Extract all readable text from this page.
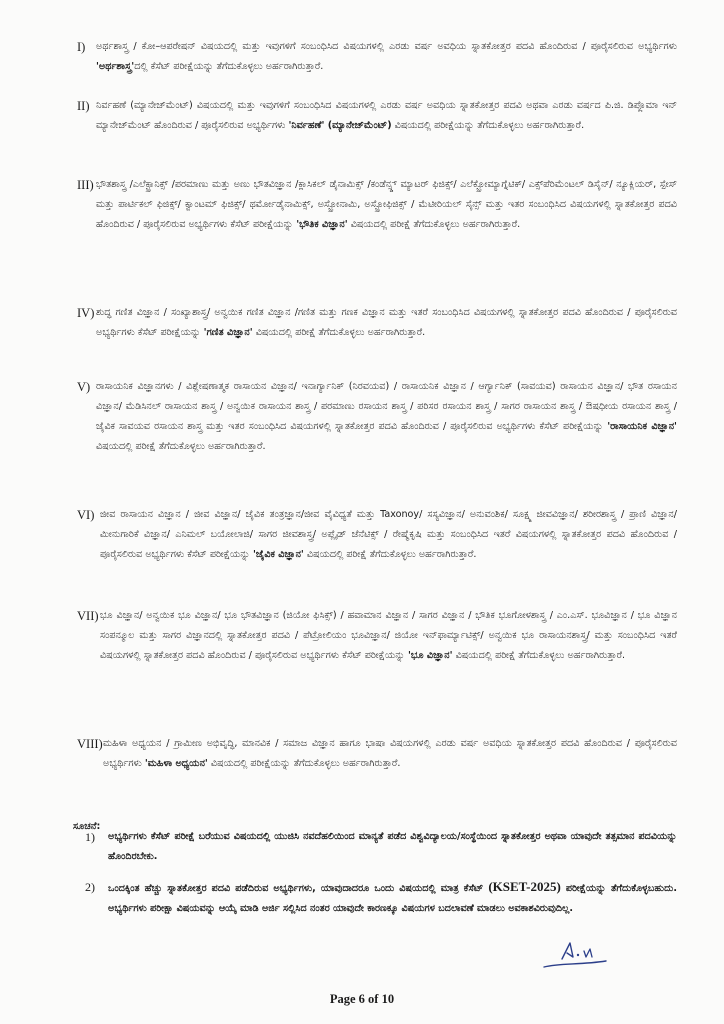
I) ಅರ್ಥಶಾಸ್ತ್ರ / ಕೋ–ಆಪರೇಷನ್ ವಿಷಯದಲ್ಲಿ ಮತ್ತು ಇವುಗಳಿಗೆ ಸಂಬಂಧಿಸಿದ ವಿಷಯಗಳಲ್ಲಿ ಎರಡು ವರ್ಷ ಅವಧಿಯ ಸ್ನಾತಕೋತ್ತರ ಪದವಿ ಹೊಂದಿರುವ / ಪೂರೈಸಲಿರುವ ಅಭ್ಯರ್ಥಿಗಳು 'ಅರ್ಥಶಾಸ್ತ್ರ'ದಲ್ಲಿ ಕೆಸೆಟ್ ಪರೀಕ್ಷೆಯನ್ನು ತೆಗೆದುಕೊಳ್ಳಲು ಅರ್ಹರಾಗಿರುತ್ತಾರೆ.
II) ನಿರ್ವಹಣೆ (ಮ್ಯಾನೇಜ್‌ಮೆಂಟ್) ವಿಷಯದಲ್ಲಿ ಮತ್ತು ಇವುಗಳಿಗೆ ಸಂಬಂಧಿಸಿದ ವಿಷಯಗಳಲ್ಲಿ ಎರಡು ವರ್ಷ ಅವಧಿಯ ಸ್ನಾತಕೋತ್ತರ ಪದವಿ ಅಥವಾ ಎರಡು ವರ್ಷದ ಪಿ.ಜಿ. ಡಿಪ್ಲೊಮಾ ಇನ್ ಮ್ಯಾನೇಜ್‌ಮೆಂಟ್ ಹೊಂದಿರುವ / ಪೂರೈಸಲಿರುವ ಅಭ್ಯರ್ಥಿಗಳು 'ನಿರ್ವಹಣೆ' (ಮ್ಯಾನೇಜ್‌ಮೆಂಟ್) ವಿಷಯದಲ್ಲಿ ಪರೀಕ್ಷೆಯನ್ನು ತೆಗೆದುಕೊಳ್ಳಲು ಅರ್ಹರಾಗಿರುತ್ತಾರೆ.
III) ಭೌತಶಾಸ್ತ್ರ /ಎಲೆಕ್ಟ್ರಾನಿಕ್ಸ್ /ಪರಮಾಣು ಮತ್ತು ಅಣು ಭೌತವಿಜ್ಞಾನ /ಕ್ಲಾಸಿಕಲ್ ಡೈನಾಮಿಕ್ಸ್ /ಕಂಡೆನ್ಸ್ಡ್ ಮ್ಯಾಟರ್ ಫಿಜಿಕ್ಸ್/ ಎಲೆಕ್ಟ್ರೋಮ್ಯಾಗ್ನೆಟಿಕ್/ ಎಕ್ಸ್‌ಪೆರಿಮೆಂಟಲ್ ಡಿಸೈನ್/ ನ್ಯೂಕ್ಲಿಯರ್, ಸ್ಪೇಸ್ ಮತ್ತು ಪಾರ್ಟಿಕಲ್ ಫಿಜಿಕ್ಸ್/ ಕ್ವಾಂಟಮ್ ಫಿಜಿಕ್ಸ್/ ಥರ್ಮೋಡೈನಾಮಿಕ್ಸ್, ಅಸ್ಟ್ರೋನಾಮಿ, ಅಸ್ಟ್ರೋಫಿಜಿಕ್ಸ್ / ಮೆಟೀರಿಯಲ್ ಸೈನ್ಸ್ ಮತ್ತು ಇತರ ಸಂಬಂಧಿಸಿದ ವಿಷಯಗಳಲ್ಲಿ ಸ್ನಾತಕೋತ್ತರ ಪದವಿ ಹೊಂದಿರುವ / ಪೂರೈಸಲಿರುವ ಅಭ್ಯರ್ಥಿಗಳು ಕೆಸೆಟ್ ಪರೀಕ್ಷೆಯನ್ನು 'ಭೌತಿಕ ವಿಜ್ಞಾನ' ವಿಷಯದಲ್ಲಿ ಪರೀಕ್ಷೆ ತೆಗೆದುಕೊಳ್ಳಲು ಅರ್ಹರಾಗಿರುತ್ತಾರೆ.
IV) ಶುದ್ಧ ಗಣಿತ ವಿಜ್ಞಾನ / ಸಂಖ್ಯಾಶಾಸ್ತ್ರ/ ಅನ್ವಯಿಕ ಗಣಿತ ವಿಜ್ಞಾನ /ಗಣಿತ ಮತ್ತು ಗಣಕ ವಿಜ್ಞಾನ ಮತ್ತು ಇತರೆ ಸಂಬಂಧಿಸಿದ ವಿಷಯಗಳಲ್ಲಿ ಸ್ನಾತಕೋತ್ತರ ಪದವಿ ಹೊಂದಿರುವ / ಪೂರೈಸಲಿರುವ ಅಭ್ಯರ್ಥಿಗಳು ಕೆಸೆಟ್ ಪರೀಕ್ಷೆಯನ್ನು 'ಗಣಿತ ವಿಜ್ಞಾನ' ವಿಷಯದಲ್ಲಿ ಪರೀಕ್ಷೆ ತೆಗೆದುಕೊಳ್ಳಲು ಅರ್ಹರಾಗಿರುತ್ತಾರೆ.
V) ರಾಸಾಯನಿಕ ವಿಜ್ಞಾನಗಳು / ವಿಶ್ಲೇಷಣಾತ್ಮಕ ರಾಸಾಯನ ವಿಜ್ಞಾನ/ ಇನಾರ್ಗ್ಯಾನಿಕ್ (ನಿರವಯವ) / ರಾಸಾಯನಿಕ ವಿಜ್ಞಾನ / ಆರ್ಗ್ಯಾನಿಕ್ (ಸಾವಯವ) ರಾಸಾಯನ ವಿಜ್ಞಾನ/ ಭೌತ ರಸಾಯನ ವಿಜ್ಞಾನ/ ಮೆಡಿಸಿನಲ್ ರಾಸಾಯನ ಶಾಸ್ತ್ರ / ಅನ್ವಯಿಕ ರಾಸಾಯನ ಶಾಸ್ತ್ರ / ಪರಮಾಣು ರಸಾಯನ ಶಾಸ್ತ್ರ / ಪರಿಸರ ರಸಾಯನ ಶಾಸ್ತ್ರ / ಸಾಗರ ರಾಸಾಯನ ಶಾಸ್ತ್ರ / ಔಷಧೀಯ ರಸಾಯನ ಶಾಸ್ತ್ರ / ಜೈವಿಕ ಸಾವಯವ ರಸಾಯನ ಶಾಸ್ತ್ರ ಮತ್ತು ಇತರ ಸಂಬಂಧಿಸಿದ ವಿಷಯಗಳಲ್ಲಿ ಸ್ನಾತಕೋತ್ತರ ಪದವಿ ಹೊಂದಿರುವ / ಪೂರೈಸಲಿರುವ ಅಭ್ಯರ್ಥಿಗಳು ಕೆಸೆಟ್ ಪರೀಕ್ಷೆಯನ್ನು 'ರಾಸಾಯನಿಕ ವಿಜ್ಞಾನ' ವಿಷಯದಲ್ಲಿ ಪರೀಕ್ಷೆ ತೆಗೆದುಕೊಳ್ಳಲು ಅರ್ಹರಾಗಿರುತ್ತಾರೆ.
VI) ಜೀವ ರಾಸಾಯನ ವಿಜ್ಞಾನ / ಜೀವ ವಿಜ್ಞಾನ/ ಜೈವಿಕ ತಂತ್ರಜ್ಞಾನ/ಜೀವ ವೈವಿಧ್ಯತೆ ಮತ್ತು Taxonoy/ ಸಸ್ಯವಿಜ್ಞಾನ/ ಅನುವಂಶಿಕ/ ಸೂಕ್ಷ್ಮ ಜೀವವಿಜ್ಞಾನ/ ಶರೀರಶಾಸ್ತ್ರ / ಪ್ರಾಣಿ ವಿಜ್ಞಾನ/ ಮೀನುಗಾರಿಕೆ ವಿಜ್ಞಾನ/ ಎನಿಮಲ್ ಬಯೋಲಾಜಿ/ ಸಾಗರ ಜೀವಶಾಸ್ತ್ರ/ ಅಪ್ಲೈಡ್ ಜೆನೆಟಿಕ್ಸ್ / ರೇಷ್ಮೆಕೃಷಿ ಮತ್ತು ಸಂಬಂಧಿಸಿದ ಇತರೆ ವಿಷಯಗಳಲ್ಲಿ ಸ್ನಾತಕೋತ್ತರ ಪದವಿ ಹೊಂದಿರುವ / ಪೂರೈಸಲಿರುವ ಅಭ್ಯರ್ಥಿಗಳು ಕೆಸೆಟ್ ಪರೀಕ್ಷೆಯನ್ನು 'ಜೈವಿಕ ವಿಜ್ಞಾನ' ವಿಷಯದಲ್ಲಿ ಪರೀಕ್ಷೆ ತೆಗೆದುಕೊಳ್ಳಲು ಅರ್ಹರಾಗಿರುತ್ತಾರೆ.
VII) ಭೂ ವಿಜ್ಞಾನ/ ಅನ್ವಯಿಕ ಭೂ ವಿಜ್ಞಾನ/ ಭೂ ಭೌತವಿಜ್ಞಾನ (ಜಿಯೋ ಫಿಸಿಕ್ಸ್) / ಹವಾಮಾನ ವಿಜ್ಞಾನ / ಸಾಗರ ವಿಜ್ಞಾನ / ಭೌತಿಕ ಭೂಗೋಳಶಾಸ್ತ್ರ / ಎಂ.ಎಸ್. ಭೂವಿಜ್ಞಾನ / ಭೂ ವಿಜ್ಞಾನ ಸಂಪನ್ಮೂಲ ಮತ್ತು ಸಾಗರ ವಿಜ್ಞಾನದಲ್ಲಿ ಸ್ನಾತಕೋತ್ತರ ಪದವಿ / ಪೆಟ್ರೋಲಿಯಂ ಭೂವಿಜ್ಞಾನ/ ಜಿಯೋ ಇನ್‌ಫಾರ್ಮ್ಯಾಟಿಕ್ಸ್/ ಅನ್ವಯಿಕ ಭೂ ರಾಸಾಯನಶಾಸ್ತ್ರ/ ಮತ್ತು ಸಂಬಂಧಿಸಿದ ಇತರೆ ವಿಷಯಗಳಲ್ಲಿ ಸ್ನಾತಕೋತ್ತರ ಪದವಿ ಹೊಂದಿರುವ / ಪೂರೈಸಲಿರುವ ಅಭ್ಯರ್ಥಿಗಳು ಕೆಸೆಟ್ ಪರೀಕ್ಷೆಯನ್ನು 'ಭೂ ವಿಜ್ಞಾನ' ವಿಷಯದಲ್ಲಿ ಪರೀಕ್ಷೆ ತೆಗೆದುಕೊಳ್ಳಲು ಅರ್ಹರಾಗಿರುತ್ತಾರೆ.
VIII) ಮಹಿಳಾ ಅಧ್ಯಯನ / ಗ್ರಾಮೀಣ ಅಭಿವೃದ್ಧಿ, ಮಾನವಿಕ / ಸಮಾಜ ವಿಜ್ಞಾನ ಹಾಗೂ ಭಾಷಾ ವಿಷಯಗಳಲ್ಲಿ ಎರಡು ವರ್ಷ ಅವಧಿಯ ಸ್ನಾತಕೋತ್ತರ ಪದವಿ ಹೊಂದಿರುವ / ಪೂರೈಸಲಿರುವ ಅಭ್ಯರ್ಥಿಗಳು 'ಮಹಿಳಾ ಅಧ್ಯಯನ' ವಿಷಯದಲ್ಲಿ ಪರೀಕ್ಷೆಯನ್ನು ತೆಗೆದುಕೊಳ್ಳಲು ಅರ್ಹರಾಗಿರುತ್ತಾರೆ.
ಸೂಚನೆ:
1) ಅಭ್ಯರ್ಥಿಗಳು ಕೆಸೆಟ್ ಪರೀಕ್ಷೆ ಬರೆಯುವ ವಿಷಯದಲ್ಲಿ ಯುಜಿಸಿ ನವದೆಹಲಿಯಿಂದ ಮಾನ್ಯತೆ ಪಡೆದ ವಿಶ್ವವಿದ್ಯಾಲಯ/ಸಂಸ್ಥೆಯಿಂದ ಸ್ನಾತಕೋತ್ತರ ಅಥವಾ ಯಾವುದೇ ತತ್ಸಮಾನ ಪದವಿಯನ್ನು ಹೊಂದಿರಬೇಕು.
2) ಒಂದಕ್ಕಿಂತ ಹೆಚ್ಚು ಸ್ನಾತಕೋತ್ತರ ಪದವಿ ಪಡೆದಿರುವ ಅಭ್ಯರ್ಥಿಗಳು, ಯಾವುದಾದರೂ ಒಂದು ವಿಷಯದಲ್ಲಿ ಮಾತ್ರ ಕೆಸೆಟ್ (KSET-2025) ಪರೀಕ್ಷೆಯನ್ನು ತೆಗೆದುಕೊಳ್ಳಬಹುದು. ಅಭ್ಯರ್ಥಿಗಳು ಪರೀಕ್ಷಾ ವಿಷಯವನ್ನು ಆಯ್ಕೆ ಮಾಡಿ ಅರ್ಜಿ ಸಲ್ಲಿಸಿದ ನಂತರ ಯಾವುದೇ ಕಾರಣಕ್ಕೂ ವಿಷಯಗಳ ಬದಲಾವಣೆ ಮಾಡಲು ಅವಕಾಶವಿರುವುದಿಲ್ಲ.
Page 6 of 10
